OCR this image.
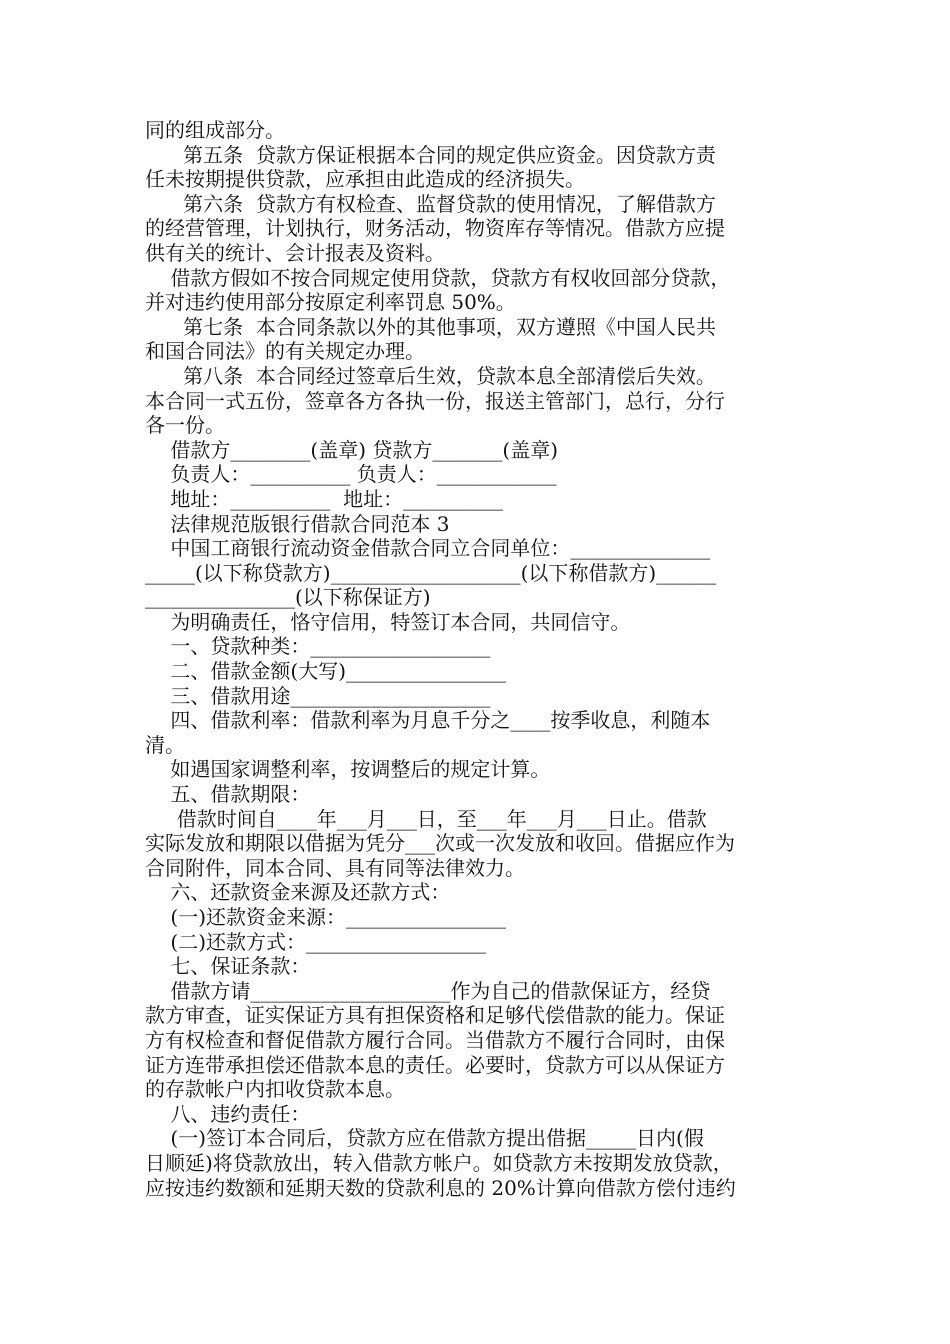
同的组成部分。
第五条  贷款方保证根据本合同的规定供应资金。因贷款方责
任未按期提供贷款，应承担由此造成的经济损失。
第六条  贷款方有权检查、监督贷款的使用情况，了解借款方
的经营管理，计划执行，财务活动，物资库存等情况。借款方应提
供有关的统计、会计报表及资料。
借款方假如不按合同规定使用贷款，贷款方有权收回部分贷款，
并对违约使用部分按原定利率罚息 50%。
第七条  本合同条款以外的其他事项，双方遵照《中国人民共
和国合同法》的有关规定办理。
第八条  本合同经过签章后生效，贷款本息全部清偿后失效。
本合同一式五份，签章各方各执一份，报送主管部门，总行，分行
各一份。
借款方________(盖章) 贷款方_______(盖章)
负责人：__________ 负责人：____________
地址：__________  地址：__________
法律规范版银行借款合同范本 3
中国工商银行流动资金借款合同立合同单位：______________
_____(以下称贷款方)___________________(以下称借款方)______
_______________(以下称保证方)
为明确责任，恪守信用，特签订本合同，共同信守。
一、贷款种类：__________________
二、借款金额(大写)________________
三、借款用途____________________
四、借款利率：借款利率为月息千分之____按季收息，利随本
清。
如遇国家调整利率，按调整后的规定计算。
五、借款期限：
借款时间自____年___月___日，至___年___月___日止。借款
实际发放和期限以借据为凭分___次或一次发放和收回。借据应作为
合同附件，同本合同、具有同等法律效力。
六、还款资金来源及还款方式：
(一)还款资金来源：________________
(二)还款方式：__________________
七、保证条款：
借款方请____________________作为自己的借款保证方，经贷
款方审查，证实保证方具有担保资格和足够代偿借款的能力。保证
方有权检查和督促借款方履行合同。当借款方不履行合同时，由保
证方连带承担偿还借款本息的责任。必要时，贷款方可以从保证方
的存款帐户内扣收贷款本息。
八、违约责任：
(一)签订本合同后，贷款方应在借款方提出借据_____日内(假
日顺延)将贷款放出，转入借款方帐户。如贷款方未按期发放贷款，
应按违约数额和延期天数的贷款利息的 20%计算向借款方偿付违约
